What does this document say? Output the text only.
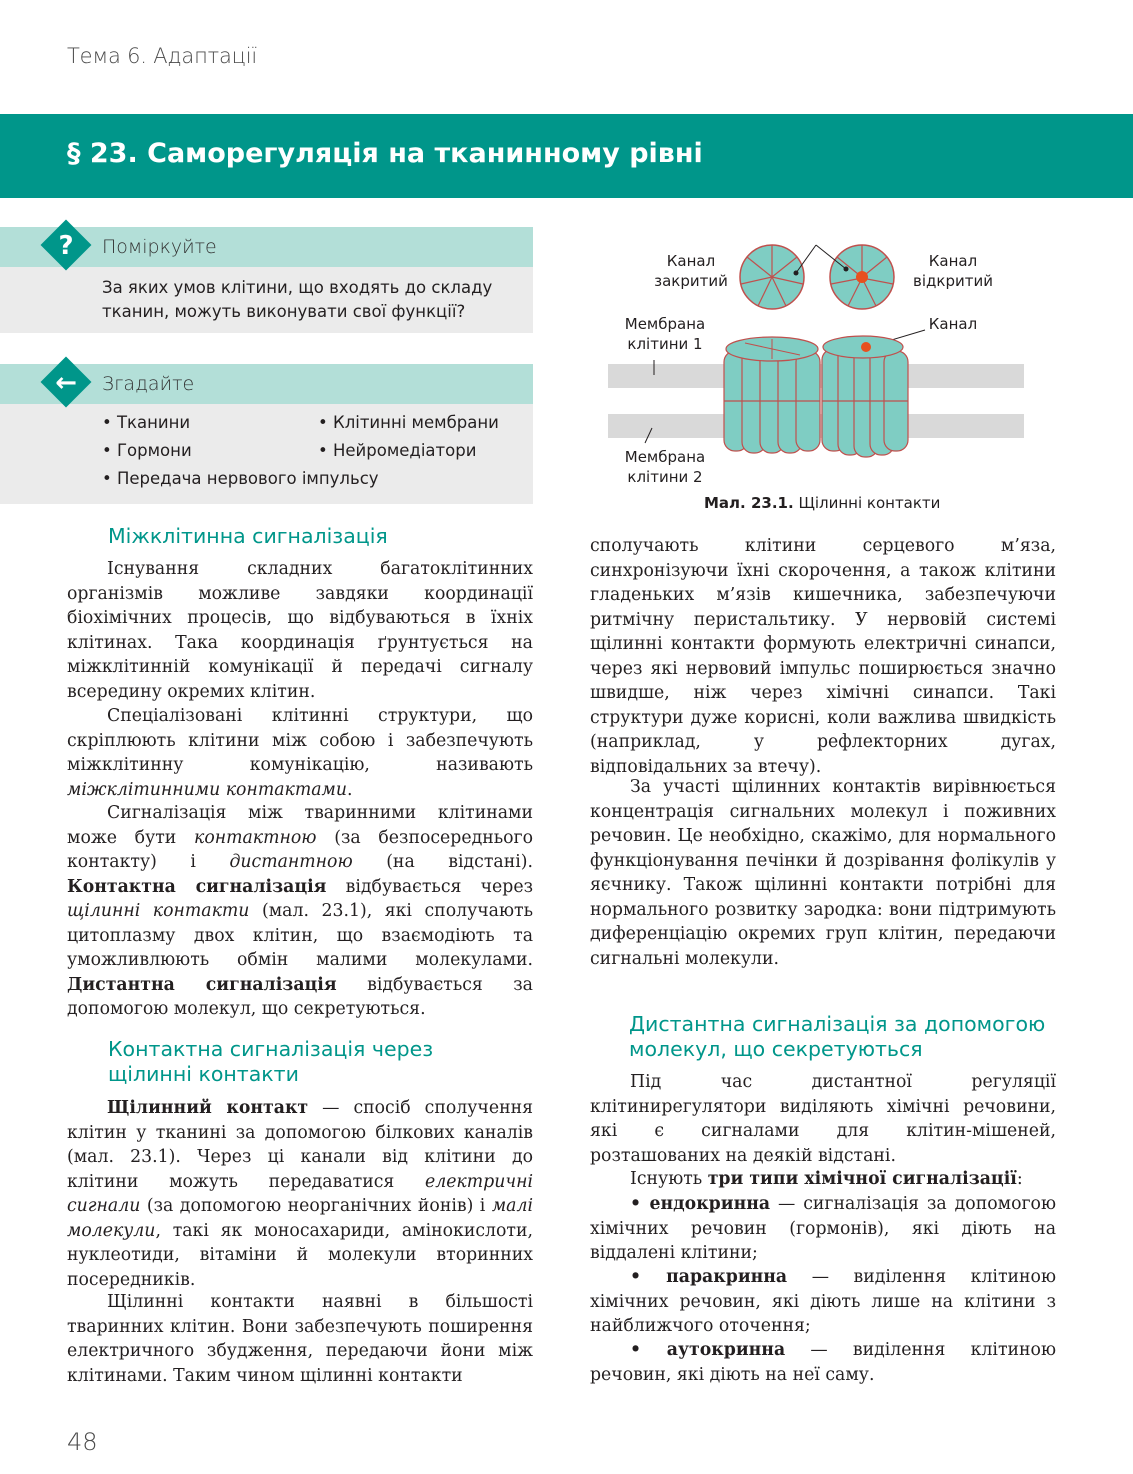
Тема 6. Адаптації
§ 23. Саморегуляція на тканинному рівні
?	Поміркуйте
За яких умов клітини, що входять до складу тканин, можуть виконувати свої функції?
←	Згадайте
• Тканини	• Клітинні мембрани
• Гормони	• Нейромедіатори
• Передача нервового імпульсу
Канал
закритий
Канал
відкритий
Мембрана
клітини 1
Канал
Мембрана
клітини 2
Мал. 23.1. Щілинні контакти
Міжклітинна сигналізація
Існування складних багатоклітинних організмів можливе завдяки координації біохімічних процесів, що відбуваються в їхніх клітинах. Така координація ґрунтується на міжклітинній комунікації й передачі сигналу всередину окремих клітин.
Спеціалізовані клітинні структури, що скріплюють клітини між собою і забезпечують міжклітинну комунікацію, називають міжклітинними контактами.
Сигналізація між тваринними клітинами може бути контактною (за безпосереднього контакту) і дистантною (на відстані). Контактна сигналізація відбувається через щілинні контакти (мал. 23.1), які сполучають цитоплазму двох клітин, що взаємодіють та уможливлюють обмін малими молекулами. Дистантна сигналізація відбувається за допомогою молекул, що секретуються.
Контактна сигналізація через щілинні контакти
Щілинний контакт — спосіб сполучення клітин у тканині за допомогою білкових каналів (мал. 23.1). Через ці канали від клітини до клітини можуть передаватися електричні сигнали (за допомогою неорганічних йонів) і малі молекули, такі як моносахариди, амінокислоти, нуклеотиди, вітаміни й молекули вторинних посередників.
Щілинні контакти наявні в більшості тваринних клітин. Вони забезпечують поширення електричного збудження, передаючи йони між клітинами. Таким чином щілинні контакти
сполучають клітини серцевого м’яза, синхронізуючи їхні скорочення, а також клітини гладеньких м’язів кишечника, забезпечуючи ритмічну перистальтику. У нервовій системі щілинні контакти формують електричні синапси, через які нервовий імпульс поширюється значно швидше, ніж через хімічні синапси. Такі структури дуже корисні, коли важлива швидкість (наприклад, у рефлекторних дугах, відповідальних за втечу).
За участі щілинних контактів вирівнюється концентрація сигнальних молекул і поживних речовин. Це необхідно, скажімо, для нормального функціонування печінки й дозрівання фолікулів у яєчнику. Також щілинні контакти потрібні для нормального розвитку зародка: вони підтримують диференціацію окремих груп клітин, передаючи сигнальні молекули.
Дистантна сигналізація за допомогою молекул, що секретуються
Під час дистантної регуляції клітинирегулятори виділяють хімічні речовини, які є сигналами для клітин-мішеней, розташованих на деякій відстані.
Існують три типи хімічної сигналізації:
• ендокринна — сигналізація за допомогою хімічних речовин (гормонів), які діють на віддалені клітини;
• паракринна — виділення клітиною хімічних речовин, які діють лише на клітини з найближчого оточення;
• аутокринна — виділення клітиною речовин, які діють на неї саму.
48
